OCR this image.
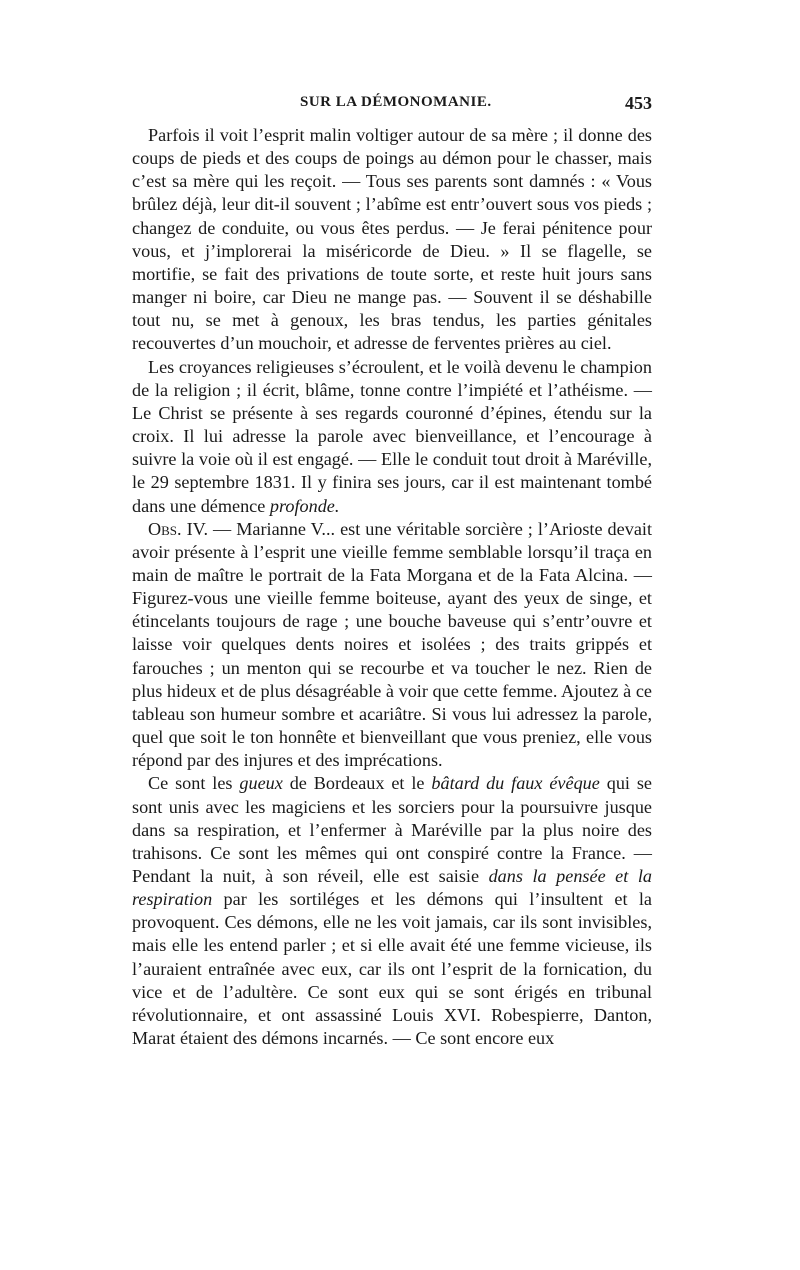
SUR LA DÉMONOMANIE.	453

Parfois il voit l’esprit malin voltiger autour de sa mère ; il donne des coups de pieds et des coups de poings au démon pour le chasser, mais c’est sa mère qui les reçoit. — Tous ses parents sont damnés : « Vous brûlez déjà, leur dit-il souvent ; l’abîme est entr’ouvert sous vos pieds ; changez de conduite, ou vous êtes perdus. — Je ferai pénitence pour vous, et j’implorerai la miséricorde de Dieu. » Il se flagelle, se mortifie, se fait des privations de toute sorte, et reste huit jours sans manger ni boire, car Dieu ne mange pas. — Souvent il se déshabille tout nu, se met à genoux, les bras tendus, les parties génitales recouvertes d’un mouchoir, et adresse de ferventes prières au ciel.

Les croyances religieuses s’écroulent, et le voilà devenu le champion de la religion ; il écrit, blâme, tonne contre l’impiété et l’athéisme. — Le Christ se présente à ses regards couronné d’épines, étendu sur la croix. Il lui adresse la parole avec bienveillance, et l’encourage à suivre la voie où il est engagé. — Elle le conduit tout droit à Maréville, le 29 septembre 1831. Il y finira ses jours, car il est maintenant tombé dans une démence profonde.

Obs. IV. — Marianne V... est une véritable sorcière ; l’Arioste devait avoir présente à l’esprit une vieille femme semblable lorsqu’il traça en main de maître le portrait de la Fata Morgana et de la Fata Alcina. — Figurez-vous une vieille femme boiteuse, ayant des yeux de singe, et étincelants toujours de rage ; une bouche baveuse qui s’entr’ouvre et laisse voir quelques dents noires et isolées ; des traits grippés et farouches ; un menton qui se recourbe et va toucher le nez. Rien de plus hideux et de plus désagréable à voir que cette femme. Ajoutez à ce tableau son humeur sombre et acariâtre. Si vous lui adressez la parole, quel que soit le ton honnête et bienveillant que vous preniez, elle vous répond par des injures et des imprécations.

Ce sont les gueux de Bordeaux et le bâtard du faux évêque qui se sont unis avec les magiciens et les sorciers pour la poursuivre jusque dans sa respiration, et l’enfermer à Maréville par la plus noire des trahisons. Ce sont les mêmes qui ont conspiré contre la France. — Pendant la nuit, à son réveil, elle est saisie dans la pensée et la respiration par les sortiléges et les démons qui l’insultent et la provoquent. Ces démons, elle ne les voit jamais, car ils sont invisibles, mais elle les entend parler ; et si elle avait été une femme vicieuse, ils l’auraient entraînée avec eux, car ils ont l’esprit de la fornication, du vice et de l’adultère. Ce sont eux qui se sont érigés en tribunal révolutionnaire, et ont assassiné Louis XVI. Robespierre, Danton, Marat étaient des démons incarnés. — Ce sont encore eux
